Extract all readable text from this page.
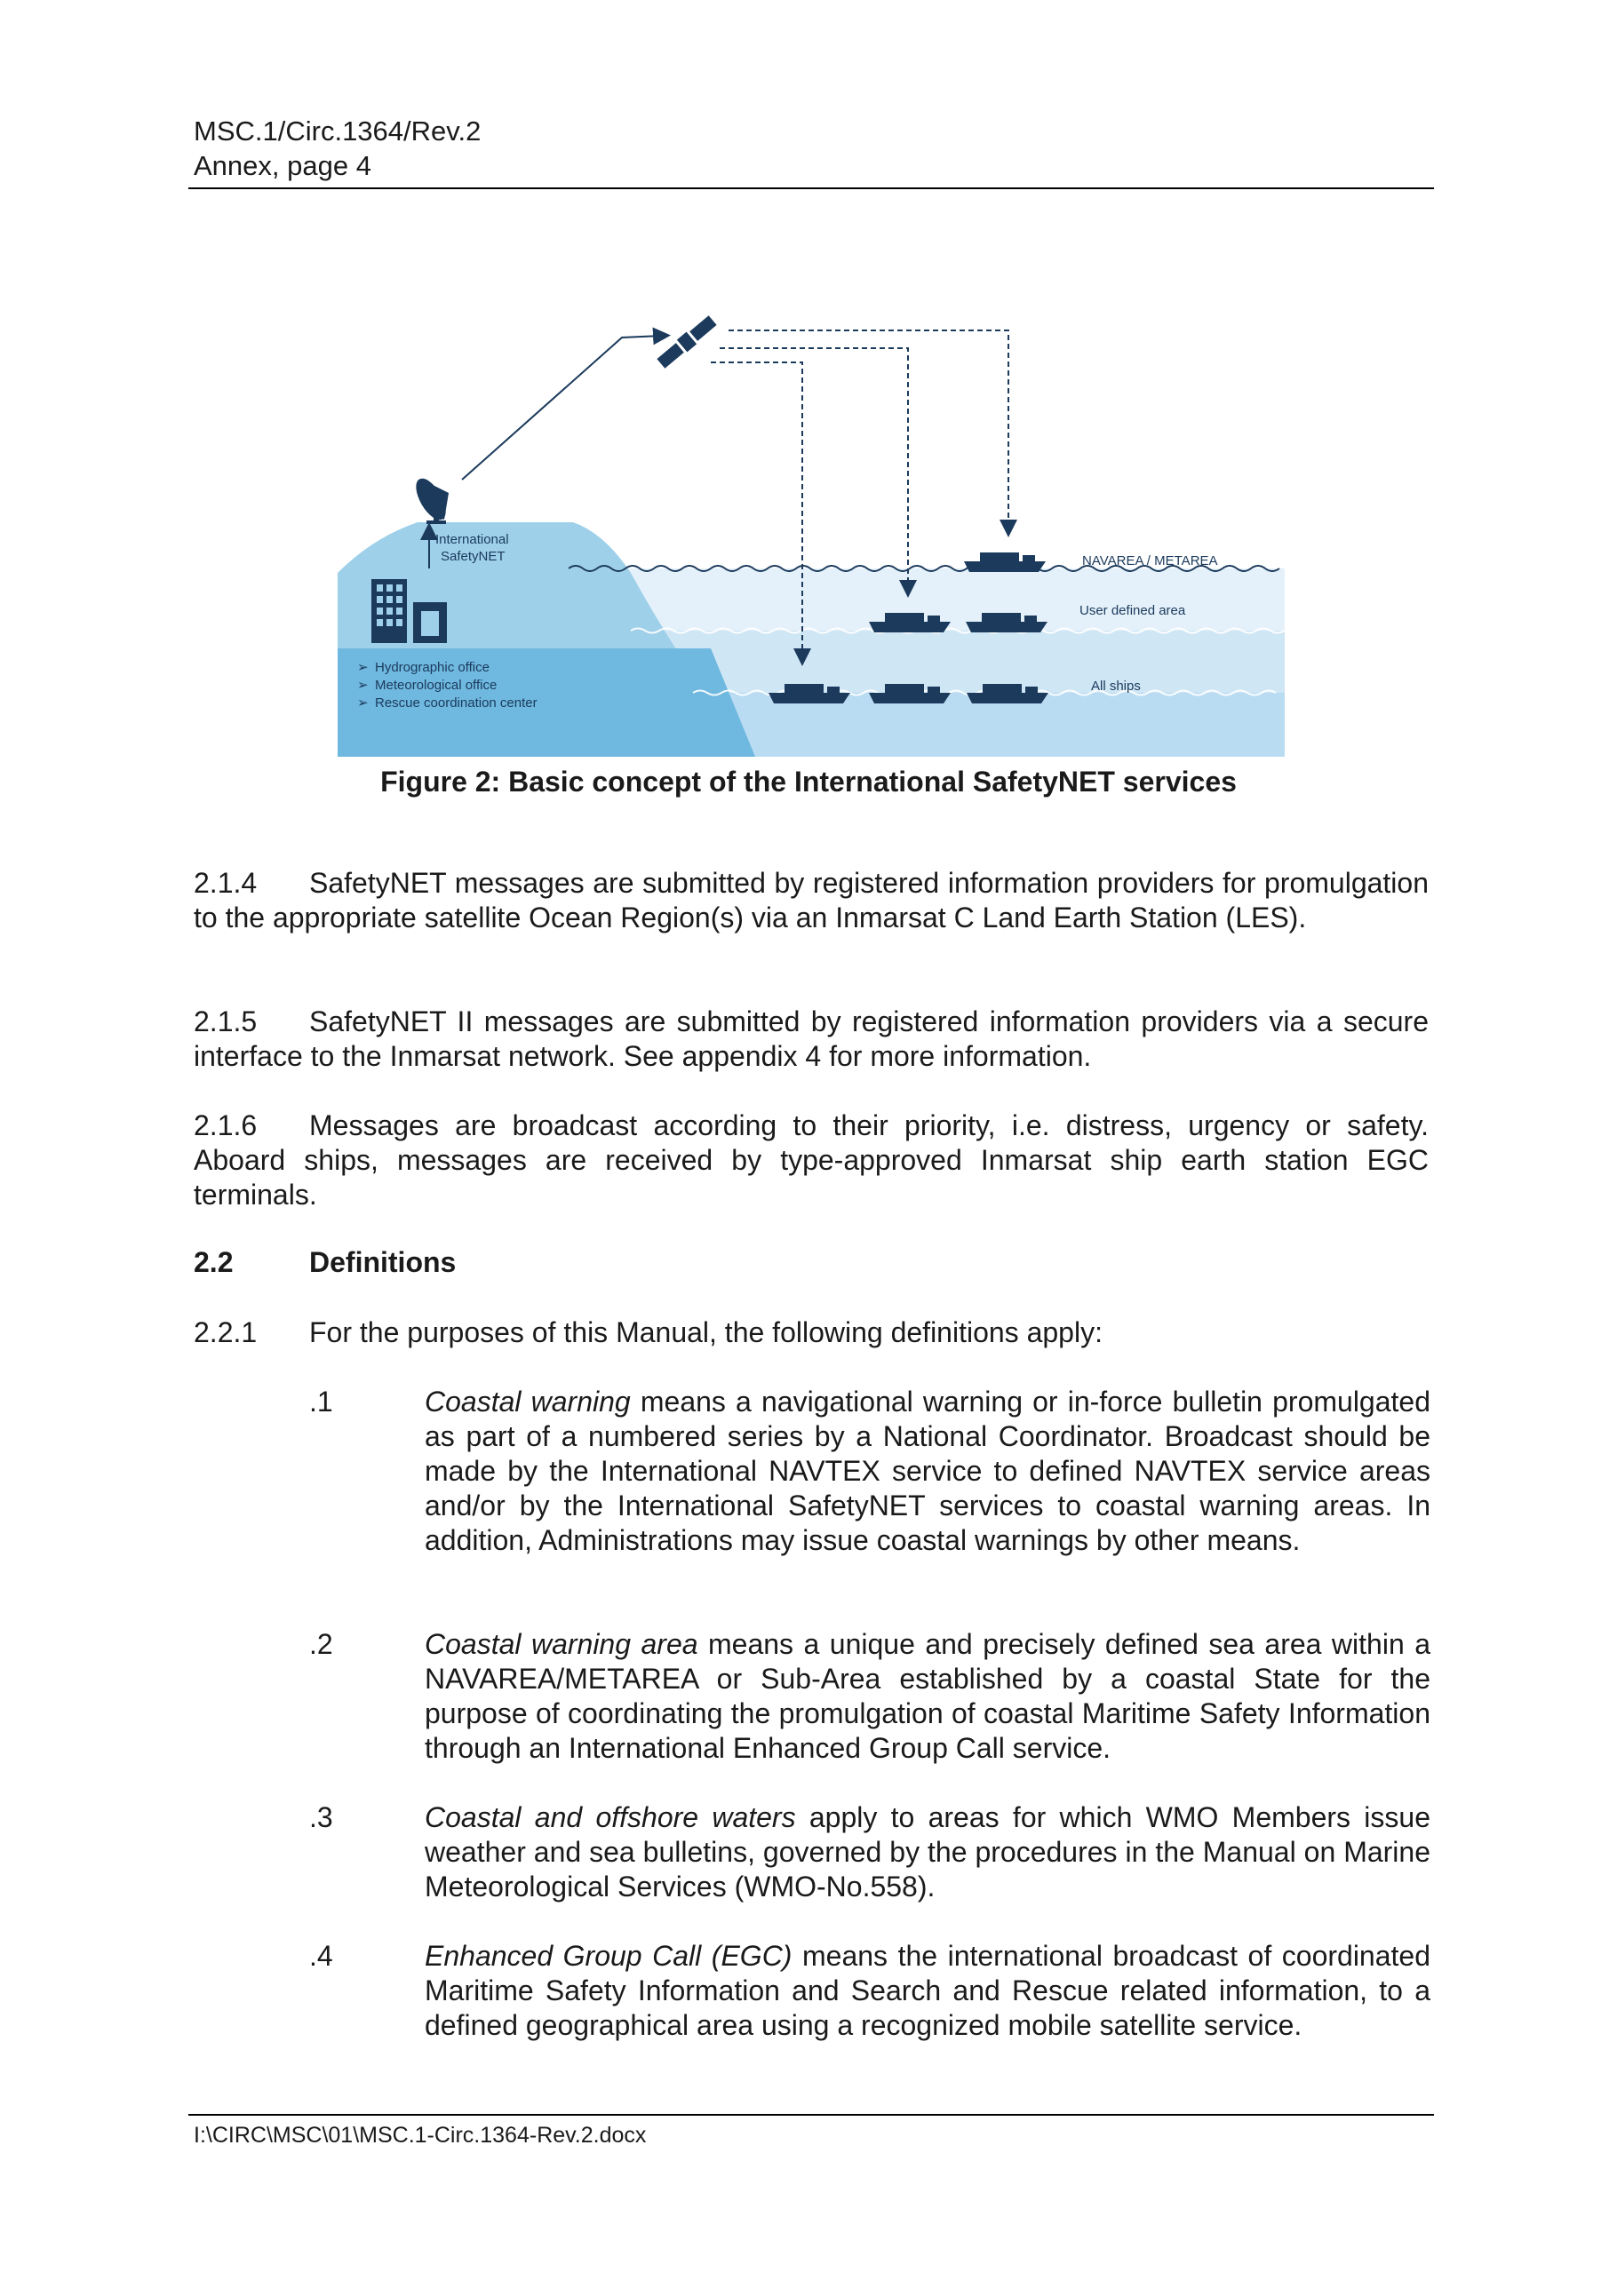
MSC.1/Circ.1364/Rev.2
Annex, page 4
International
SafetyNET
➢ Hydrographic office
➢ Meteorological office
➢ Rescue coordination center
NAVAREA / METAREA
User defined area
All ships
Figure 2: Basic concept of the International SafetyNET services
2.1.4 SafetyNET messages are submitted by registered information providers for promulgation to the appropriate satellite Ocean Region(s) via an Inmarsat C Land Earth Station (LES).
2.1.5 SafetyNET II messages are submitted by registered information providers via a secure interface to the Inmarsat network. See appendix 4 for more information.
2.1.6 Messages are broadcast according to their priority, i.e. distress, urgency or safety. Aboard ships, messages are received by type-approved Inmarsat ship earth station EGC terminals.
2.2	Definitions
2.2.1 For the purposes of this Manual, the following definitions apply:
.1	Coastal warning means a navigational warning or in-force bulletin promulgated as part of a numbered series by a National Coordinator. Broadcast should be made by the International NAVTEX service to defined NAVTEX service areas and/or by the International SafetyNET services to coastal warning areas. In addition, Administrations may issue coastal warnings by other means.
.2	Coastal warning area means a unique and precisely defined sea area within a NAVAREA/METAREA or Sub-Area established by a coastal State for the purpose of coordinating the promulgation of coastal Maritime Safety Information through an International Enhanced Group Call service.
.3	Coastal and offshore waters apply to areas for which WMO Members issue weather and sea bulletins, governed by the procedures in the Manual on Marine Meteorological Services (WMO-No.558).
.4	Enhanced Group Call (EGC) means the international broadcast of coordinated Maritime Safety Information and Search and Rescue related information, to a defined geographical area using a recognized mobile satellite service.
I:\CIRC\MSC\01\MSC.1-Circ.1364-Rev.2.docx
